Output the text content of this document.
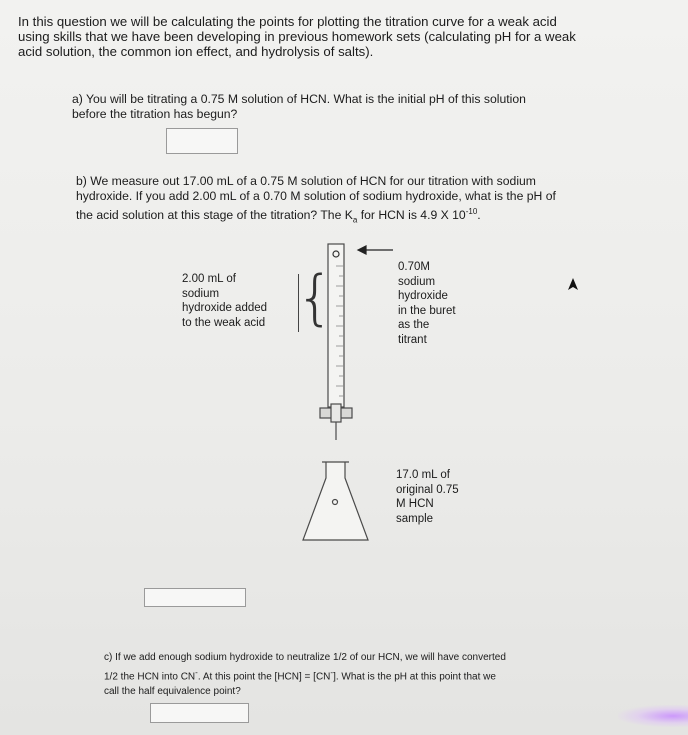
In this question we will be calculating the points for plotting the titration curve for a weak acid
using skills that we have been developing in previous homework sets (calculating pH for a weak
acid solution, the common ion effect, and hydrolysis of salts).
a) You will be titrating a 0.75 M solution of HCN. What is the initial pH of this solution
before the titration has begun?
b) We measure out 17.00 mL of a 0.75 M solution of HCN for our titration with sodium
hydroxide. If you add 2.00 mL of a 0.70 M solution of sodium hydroxide, what is the pH of
the acid solution at this stage of the titration? The $K_a$ for HCN is 4.9 X $10^{-10}$.
{
2.00 mL of
sodium
hydroxide added
to the weak acid
0.70M
sodium
hydroxide
in the buret
as the
titrant
17.0 mL of
original 0.75
M HCN
sample
c) If we add enough sodium hydroxide to neutralize 1/2 of our HCN, we will have converted
1/2 the HCN into CN-. At this point the [HCN] = [CN-]. What is the pH at this point that we
call the half equivalence point?
